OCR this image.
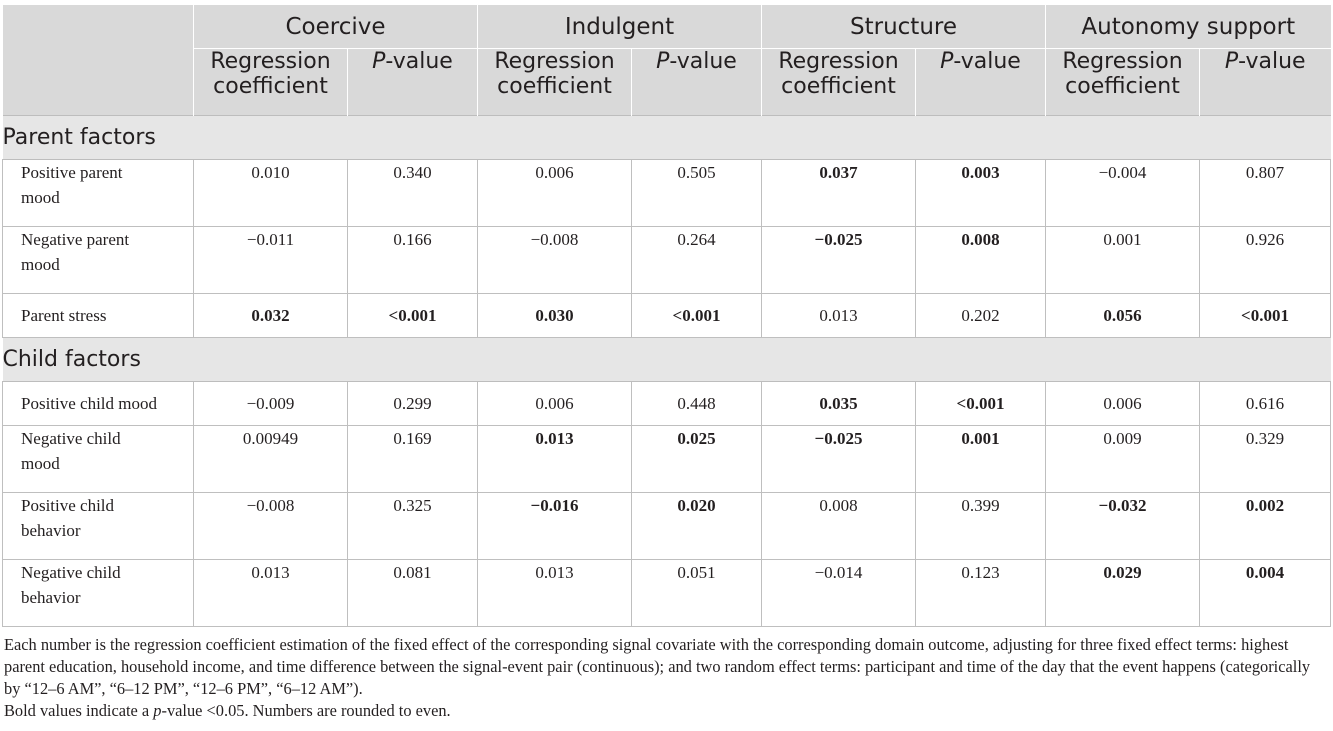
	Coercive		Indulgent		Structure		Autonomy support	
	Regression
coefficient	P-value	Regression
coefficient	P-value	Regression
coefficient	P-value	Regression
coefficient	P-value
Parent factors								
Positive parent
mood	0.010	0.340	0.006	0.505	0.037	0.003	−0.004	0.807
Negative parent
mood	−0.011	0.166	−0.008	0.264	−0.025	0.008	0.001	0.926
Parent stress	0.032	<0.001	0.030	<0.001	0.013	0.202	0.056	<0.001
Child factors								
Positive child mood	−0.009	0.299	0.006	0.448	0.035	<0.001	0.006	0.616
Negative child
mood	0.00949	0.169	0.013	0.025	−0.025	0.001	0.009	0.329
Positive child
behavior	−0.008	0.325	−0.016	0.020	0.008	0.399	−0.032	0.002
Negative child
behavior	0.013	0.081	0.013	0.051	−0.014	0.123	0.029	0.004

Each number is the regression coefficient estimation of the fixed effect of the corresponding signal covariate with the corresponding domain outcome, adjusting for three fixed effect terms: highest parent education, household income, and time difference between the signal-event pair (continuous); and two random effect terms: participant and time of the day that the event happens (categorically by “12–6 AM”, “6–12 PM”, “12–6 PM”, “6–12 AM”).

Bold values indicate a p-value <0.05. Numbers are rounded to even.
